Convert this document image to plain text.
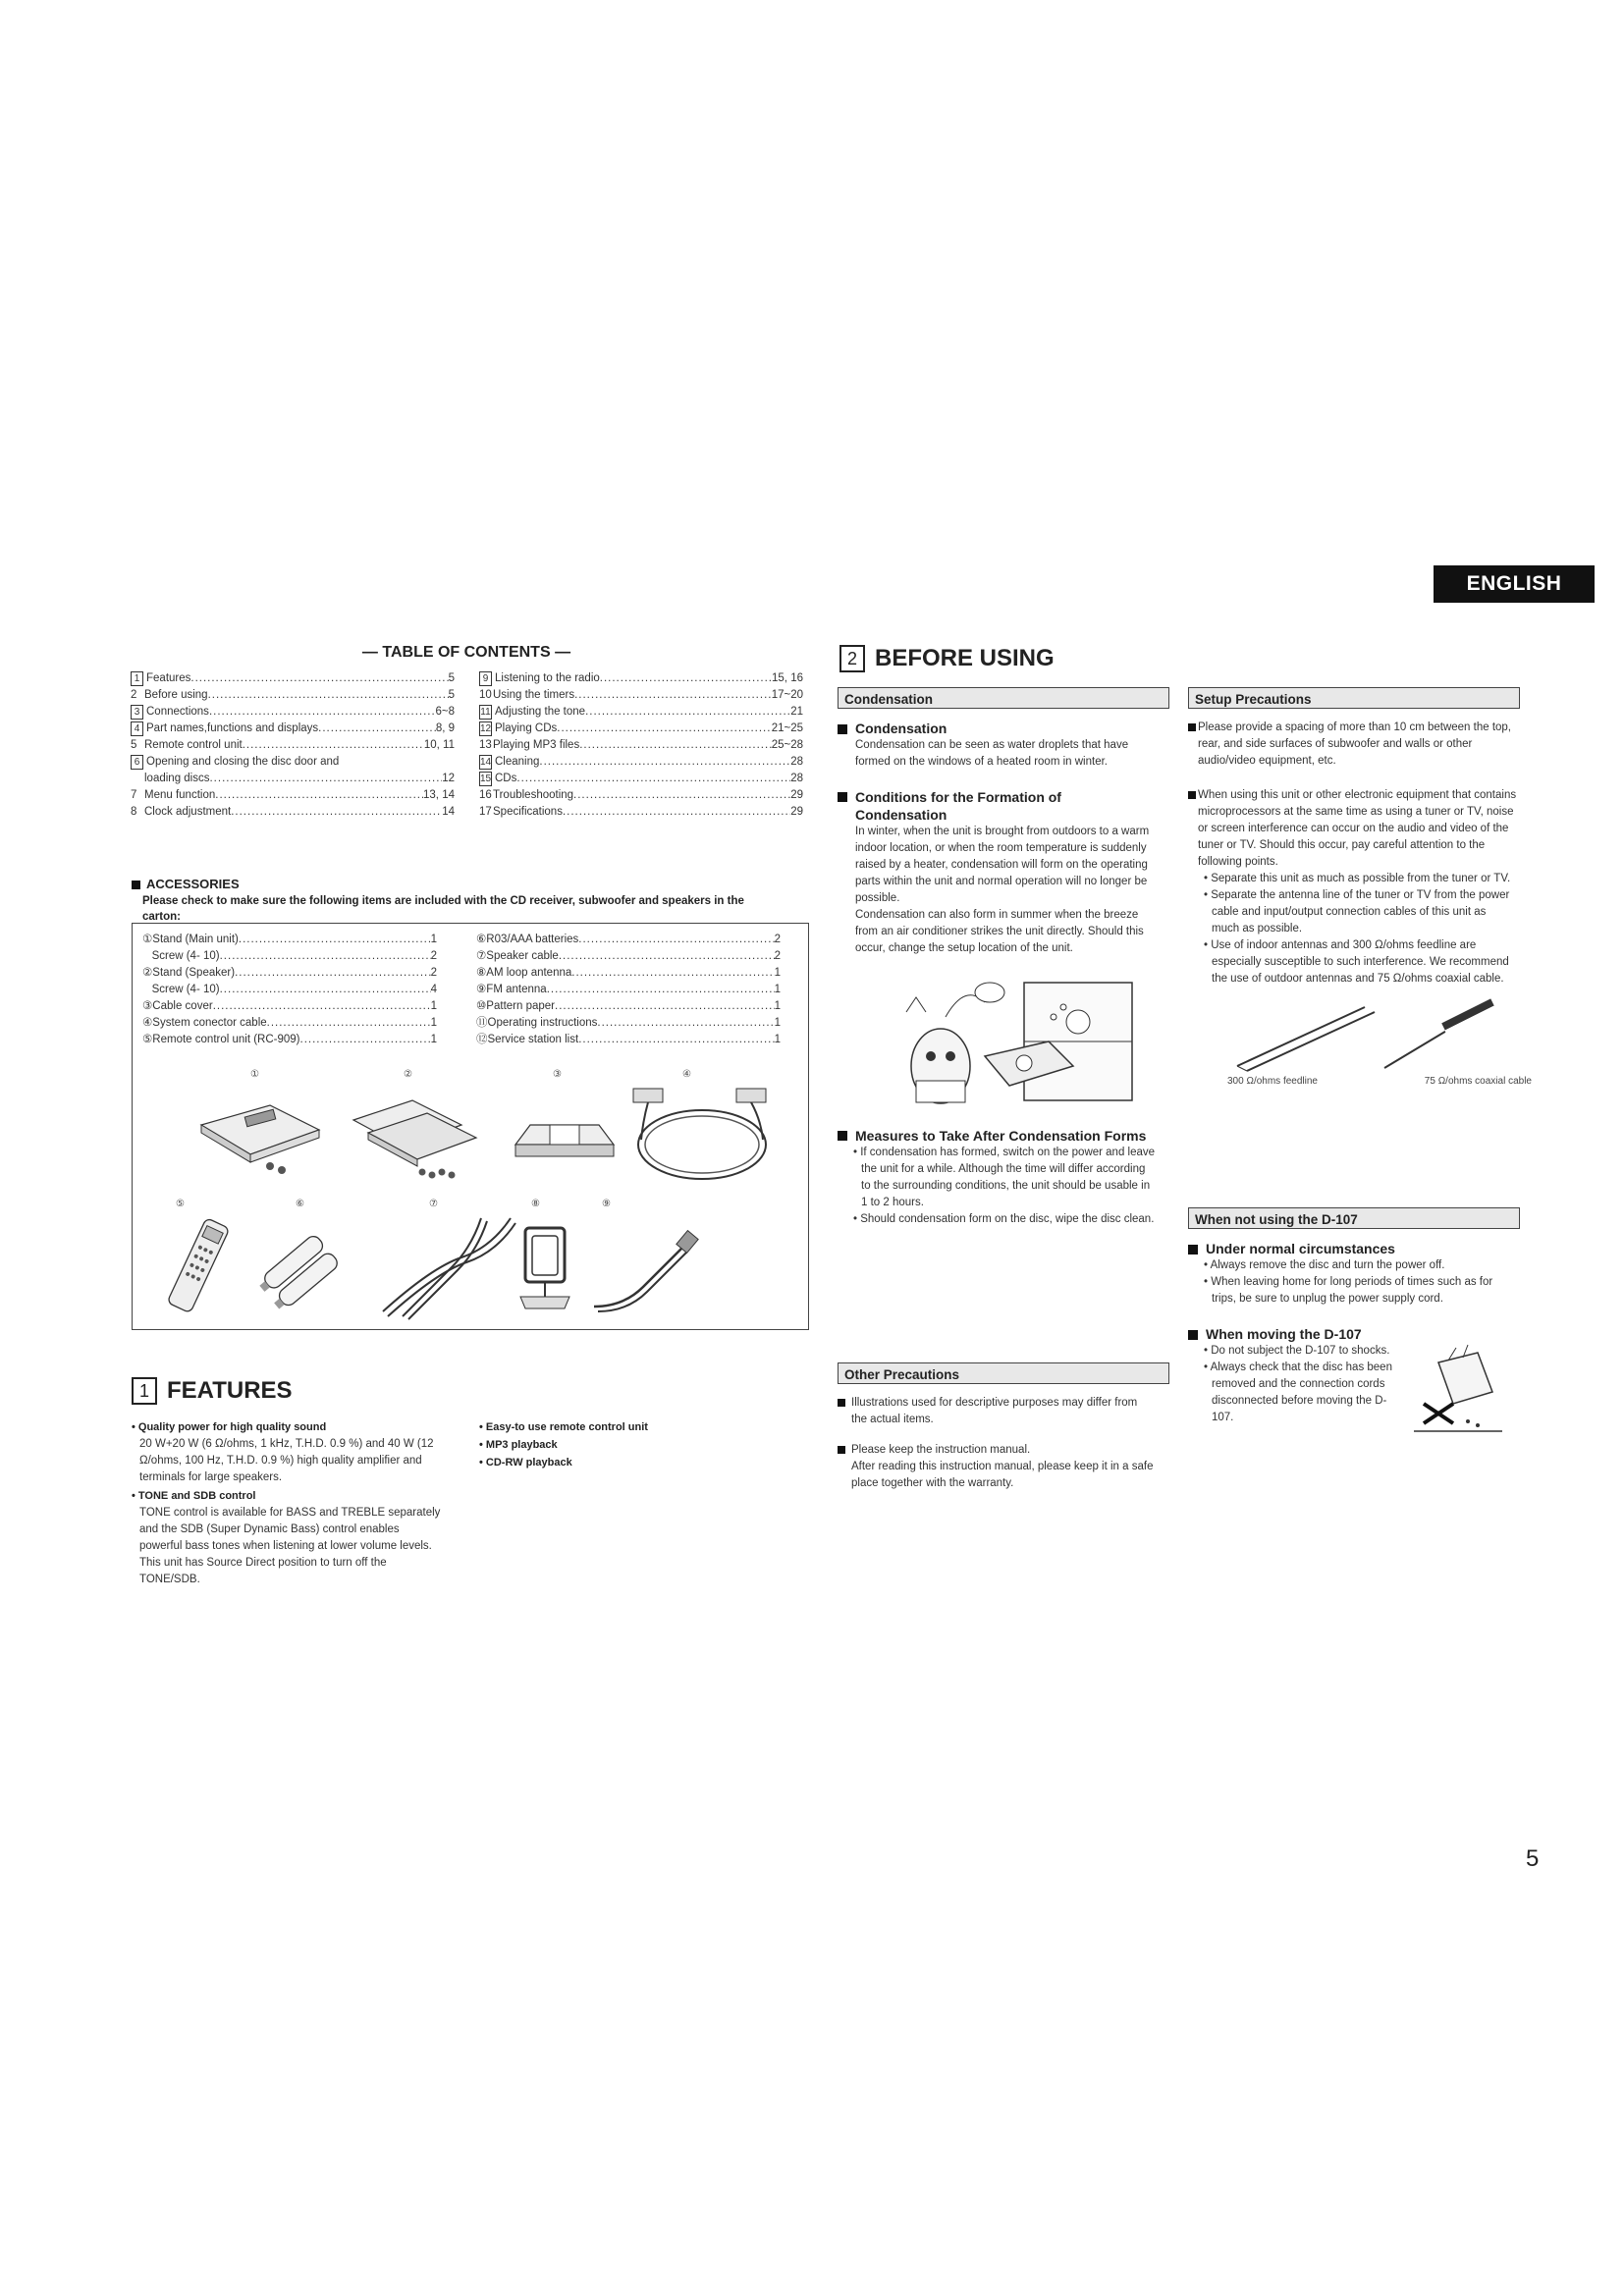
ENGLISH
— TABLE OF CONTENTS —
1 Features .....	5
2 Before using .....	5
3 Connections .....	6~8
4 Part names,functions and displays .....	8, 9
5 Remote control unit .....	10, 11
6 Opening and closing the disc door and
loading discs .....	12
7 Menu function .....	13, 14
8 Clock adjustment .....	14
9 Listening to the radio .....	15, 16
10 Using the timers .....	17~20
11 Adjusting the tone .....	21
12 Playing CDs .....	21~25
13 Playing MP3 files .....	25~28
14 Cleaning .....	28
15 CDs .....	28
16 Troubleshooting .....	29
17 Specifications .....	29
ACCESSORIES
Please check to make sure the following items are included with the CD receiver, subwoofer and speakers in the carton:
①Stand (Main unit) .....	1
Screw (4- 10) .....	2
②Stand (Speaker) .....	2
Screw (4- 10) .....	4
③Cable cover .....	1
④System conector cable .....	1
⑤Remote control unit (RC-909) .....	1
⑥R03/AAA batteries .....	2
⑦Speaker cable .....	2
⑧AM loop antenna .....	1
⑨FM antenna .....	1
⑩Pattern paper .....	1
⑪Operating instructions .....	1
⑫Service station list .....	1
①	②	③	④
⑤	⑥	⑦	⑧	⑨
1 FEATURES
• Quality power for high quality sound
20 W+20 W (6 Ω/ohms, 1 kHz, T.H.D. 0.9 %) and 40 W (12 Ω/ohms, 100 Hz, T.H.D. 0.9 %) high quality amplifier and terminals for large speakers.
• TONE and SDB control
TONE control is available for BASS and TREBLE separately and the SDB (Super Dynamic Bass) control enables powerful bass tones when listening at lower volume levels. This unit has Source Direct position to turn off the TONE/SDB.
• Easy-to use remote control unit
• MP3 playback
• CD-RW playback
2 BEFORE USING
Condensation
Condensation
Condensation can be seen as water droplets that have formed on the windows of a heated room in winter.
Conditions for the Formation of Condensation
In winter, when the unit is brought from outdoors to a warm indoor location, or when the room temperature is suddenly raised by a heater, condensation will form on the operating parts within the unit and normal operation will no longer be possible.
Condensation can also form in summer when the breeze from an air conditioner strikes the unit directly. Should this occur, change the setup location of the unit.
Measures to Take After Condensation Forms
• If condensation has formed, switch on the power and leave the unit for a while. Although the time will differ according to the surrounding conditions, the unit should be usable in 1 to 2 hours.
• Should condensation form on the disc, wipe the disc clean.
Other Precautions
Illustrations used for descriptive purposes may differ from the actual items.
Please keep the instruction manual.
After reading this instruction manual, please keep it in a safe place together with the warranty.
Setup Precautions
Please provide a spacing of more than 10 cm between the top, rear, and side surfaces of subwoofer and walls or other audio/video equipment, etc.
When using this unit or other electronic equipment that contains microprocessors at the same time as using a tuner or TV, noise or screen interference can occur on the audio and video of the tuner or TV. Should this occur, pay careful attention to the following points.
• Separate this unit as much as possible from the tuner or TV.
• Separate the antenna line of the tuner or TV from the power cable and input/output connection cables of this unit as much as possible.
• Use of indoor antennas and 300 Ω/ohms feedline are especially susceptible to such interference. We recommend the use of outdoor antennas and 75 Ω/ohms coaxial cable.
300 Ω/ohms feedline	75 Ω/ohms coaxial cable
When not using the D-107
Under normal circumstances
• Always remove the disc and turn the power off.
• When leaving home for long periods of times such as for trips, be sure to unplug the power supply cord.
When moving the D-107
• Do not subject the D-107 to shocks.
• Always check that the disc has been removed and the connection cords disconnected before moving the D-107.
5
